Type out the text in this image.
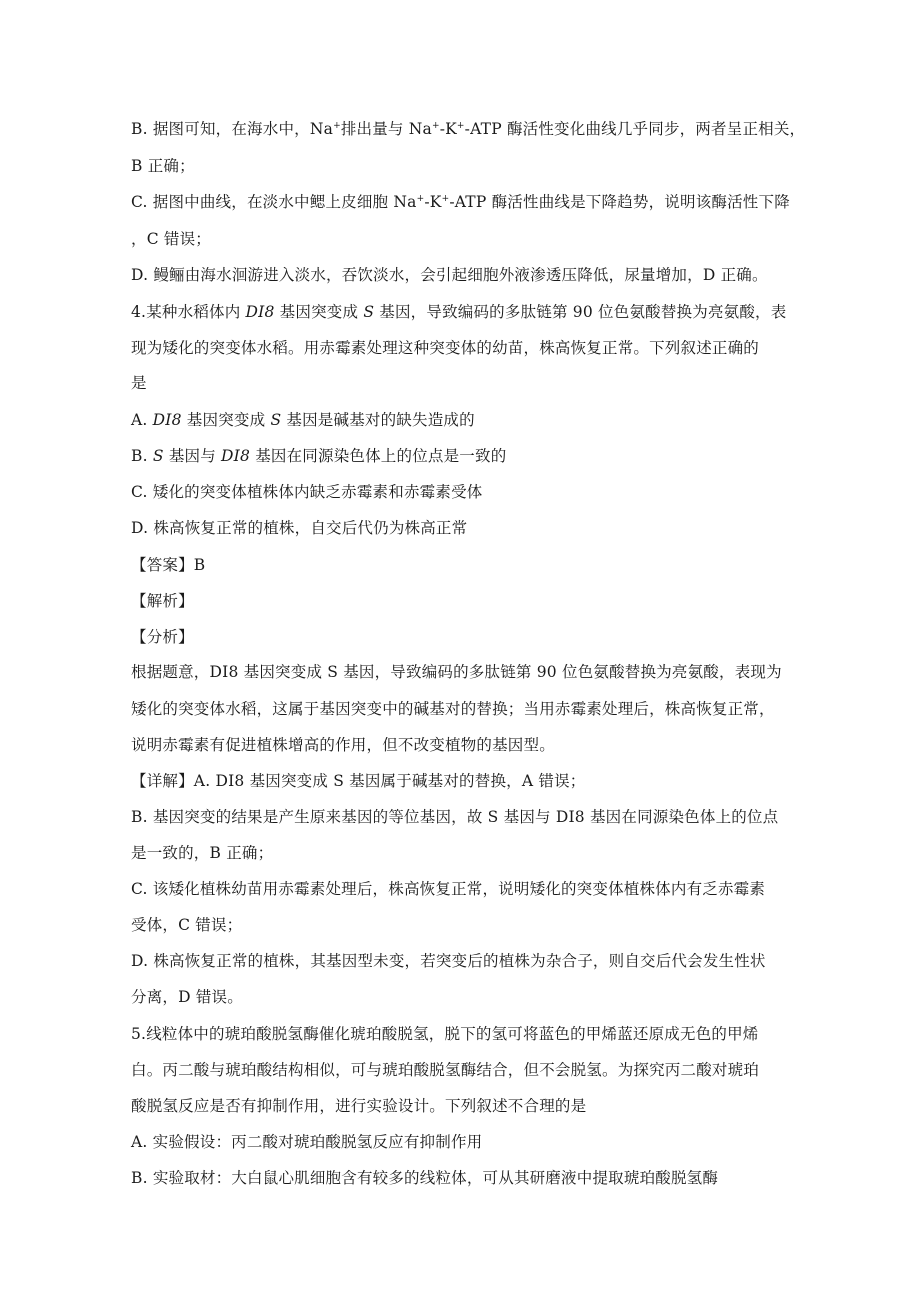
B. 据图可知，在海水中，Na+排出量与 Na+-K+-ATP 酶活性变化曲线几乎同步，两者呈正相关，
B 正确；
C. 据图中曲线，在淡水中鳃上皮细胞 Na+-K+-ATP 酶活性曲线是下降趋势，说明该酶活性下降
，C 错误；
D. 鳗鲡由海水洄游进入淡水，吞饮淡水，会引起细胞外液渗透压降低，尿量增加，D 正确。
4.某种水稻体内 DI8 基因突变成 S 基因，导致编码的多肽链第 90 位色氨酸替换为亮氨酸，表
现为矮化的突变体水稻。用赤霉素处理这种突变体的幼苗，株高恢复正常。下列叙述正确的
是
A. DI8 基因突变成 S 基因是碱基对的缺失造成的
B. S 基因与 DI8 基因在同源染色体上的位点是一致的
C. 矮化的突变体植株体内缺乏赤霉素和赤霉素受体
D. 株高恢复正常的植株，自交后代仍为株高正常
【答案】B
【解析】
【分析】
根据题意，DI8 基因突变成 S 基因，导致编码的多肽链第 90 位色氨酸替换为亮氨酸，表现为
矮化的突变体水稻，这属于基因突变中的碱基对的替换；当用赤霉素处理后，株高恢复正常，
说明赤霉素有促进植株增高的作用，但不改变植物的基因型。
【详解】A. DI8 基因突变成 S 基因属于碱基对的替换，A 错误；
B. 基因突变的结果是产生原来基因的等位基因，故 S 基因与 DI8 基因在同源染色体上的位点
是一致的，B 正确；
C. 该矮化植株幼苗用赤霉素处理后，株高恢复正常，说明矮化的突变体植株体内有乏赤霉素
受体，C 错误；
D. 株高恢复正常的植株，其基因型未变，若突变后的植株为杂合子，则自交后代会发生性状
分离，D 错误。
5.线粒体中的琥珀酸脱氢酶催化琥珀酸脱氢，脱下的氢可将蓝色的甲烯蓝还原成无色的甲烯
白。丙二酸与琥珀酸结构相似，可与琥珀酸脱氢酶结合，但不会脱氢。为探究丙二酸对琥珀
酸脱氢反应是否有抑制作用，进行实验设计。下列叙述不合理的是
A. 实验假设：丙二酸对琥珀酸脱氢反应有抑制作用
B. 实验取材：大白鼠心肌细胞含有较多的线粒体，可从其研磨液中提取琥珀酸脱氢酶
